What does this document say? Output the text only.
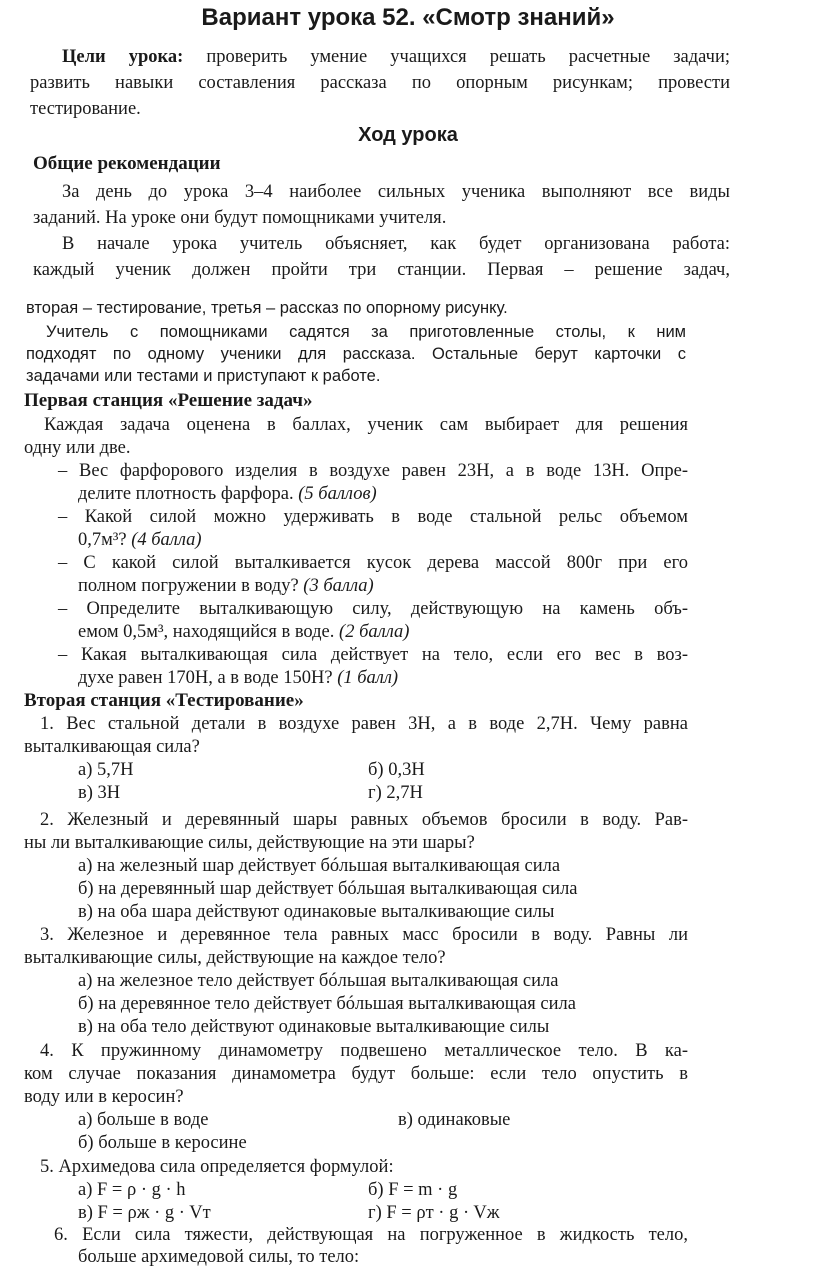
Вариант урока 52. «Смотр знаний»
Цели урока: проверить умение учащихся решать расчетные задачи;
развить навыки составления рассказа по опорным рисункам; провести
тестирование.
Ход урока
Общие рекомендации
За день до урока 3–4 наиболее сильных ученика выполняют все виды
заданий. На уроке они будут помощниками учителя.
В начале урока учитель объясняет, как будет организована работа:
каждый ученик должен пройти три станции. Первая – решение задач,
вторая – тестирование, третья – рассказ по опорному рисунку.
Учитель с помощниками садятся за приготовленные столы, к ним
подходят по одному ученики для рассказа. Остальные берут карточки с
задачами или тестами и приступают к работе.
Первая станция «Решение задач»
Каждая задача оценена в баллах, ученик сам выбирает для решения
одну или две.
– Вес фарфорового изделия в воздухе равен 23Н, а в воде 13Н. Опре-
делите плотность фарфора. (5 баллов)
– Какой силой можно удерживать в воде стальной рельс объемом
0,7м³? (4 балла)
– С какой силой выталкивается кусок дерева массой 800г при его
полном погружении в воду? (3 балла)
– Определите выталкивающую силу, действующую на камень объ-
емом 0,5м³, находящийся в воде. (2 балла)
– Какая выталкивающая сила действует на тело, если его вес в воз-
духе равен 170Н, а в воде 150Н? (1 балл)
Вторая станция «Тестирование»
1. Вес стальной детали в воздухе равен 3Н, а в воде 2,7Н. Чему равна
выталкивающая сила?
а) 5,7Н	б) 0,3Н
в) 3Н	г) 2,7Н
2. Железный и деревянный шары равных объемов бросили в воду. Рав-
ны ли выталкивающие силы, действующие на эти шары?
а) на железный шар действует бóльшая выталкивающая сила
б) на деревянный шар действует бóльшая выталкивающая сила
в) на оба шара действуют одинаковые выталкивающие силы
3. Железное и деревянное тела равных масс бросили в воду. Равны ли
выталкивающие силы, действующие на каждое тело?
а) на железное тело действует бóльшая выталкивающая сила
б) на деревянное тело действует бóльшая выталкивающая сила
в) на оба тело действуют одинаковые выталкивающие силы
4. К пружинному динамометру подвешено металлическое тело. В ка-
ком случае показания динамометра будут больше: если тело опустить в
воду или в керосин?
а) больше в воде	в) одинаковые
б) больше в керосине
5. Архимедова сила определяется формулой:
а) F = ρ · g · h	б) F = m · g
в) F = ρж · g · Vт	г) F = ρт · g · Vж
6. Если сила тяжести, действующая на погруженное в жидкость тело,
больше архимедовой силы, то тело:
